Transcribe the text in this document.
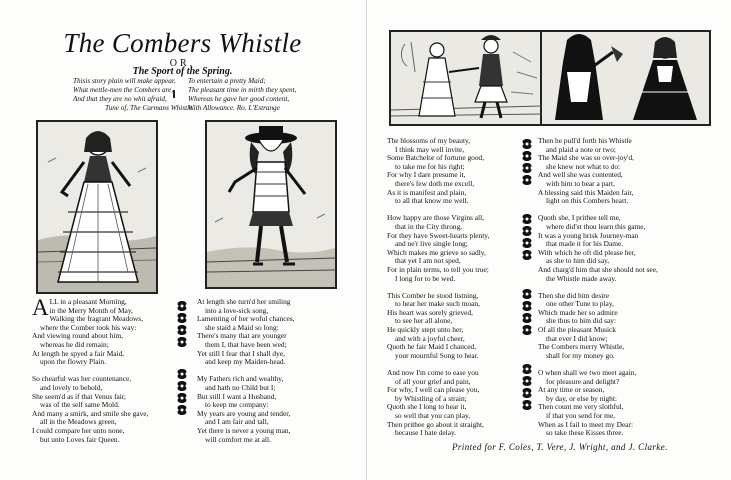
The Combers Whistle
OR,
The Sport of the Spring.
Thisis story plain will make appear,
What mettle-men the Combers are,
And that they are no whit afraid,
Tune of, The Carmans Whistle.
To entertain a pretty Maid;
The pleasant time in mirth they spent,
Whereas he gave her good content,
With Allowance. Ro. L'Estrange
A LL in a pleasant Morning,
in the Merry Month of May,
Walking the fragrant Meadows,
where the Comber took his way:
And viewing round about him,
whereas he did remain;
At length he spyed a fair Maid,
upon the flowry Plain.
So chearful was her countenance,
and lovely to behold,
She seem'd as if that Venus fair,
was of the self same Mold.
And many a smirk, and smile she gave,
all in the Meadows green,
I could compare her unto none,
but unto Loves fair Queen.
At length she turn'd her smiling
into a love-sick song,
Lamenting of her woful chances,
she staid a Maid so long:
There's many that are younger
them I, that have been wed;
Yet still I fear that I shall dye,
and keep my Maiden-head.
My Fathers rich and wealthy,
and hath no Child but I;
But still I want a Husband,
to keep me company:
My years are young and tender,
and I am fair and tall,
Yet there is never a young man,
will comfort me at all.
The blossoms of my beauty,
I think may well invite,
Some Batchelor of fortune good,
to take me for his right;
For why I dare presume it,
there's few doth me excell,
As it is manifest and plain,
to all that know me well.
How happy are those Virgins all,
that in the City throng,
For they have Sweet-hearts plenty,
and ne'r live single long;
Which makes me grieve so sadly,
that yet I am not sped,
For in plain terms, to tell you true;
I long for to be wed.
This Comber he stood listning,
to hear her make such moan,
His heart was sorely grieved,
to see her all alone,
He quickly stept unto her,
and with a joyful cheer,
Quoth he fair Maid I chanced,
your mournful Song to hear.
And now I'm come to ease you
of all your grief and pain,
For why, I well can please you,
by Whistling of a strain;
Quoth she I long to hear it,
so well that you can play,
Then prithee go about it straight,
because I hate delay.
Then he pull'd forth his Whistle
and plaid a note or two;
The Maid she was so over-joy'd,
she knew not what to do:
And well she was contented,
with him to bear a part,
A blessing said this Maiden fair,
light on this Combers heart.
Quoth she, I prithee tell me,
where did'st thou learn this game,
It was a young brisk Journey-man
that made it for his Dame.
With which he oft did please her,
as she to him did say,
And charg'd him that she should not see,
the Whistle made away.
Then she did him desire
one other Tune to play,
Which made her so admire
she thus to him did say:
Of all the pleasant Musick
that ever I did know;
The Combers merry Whistle,
shall for my money go.
O when shall we two meet again,
for pleasure and delight?
At any time or season,
by day, or else by night:
Then count me very slothful,
if that you send for me,
When as I fail to meet my Dear:
so take these Kisses three.
Printed for F. Coles, T. Vere, J. Wright, and J. Clarke.
